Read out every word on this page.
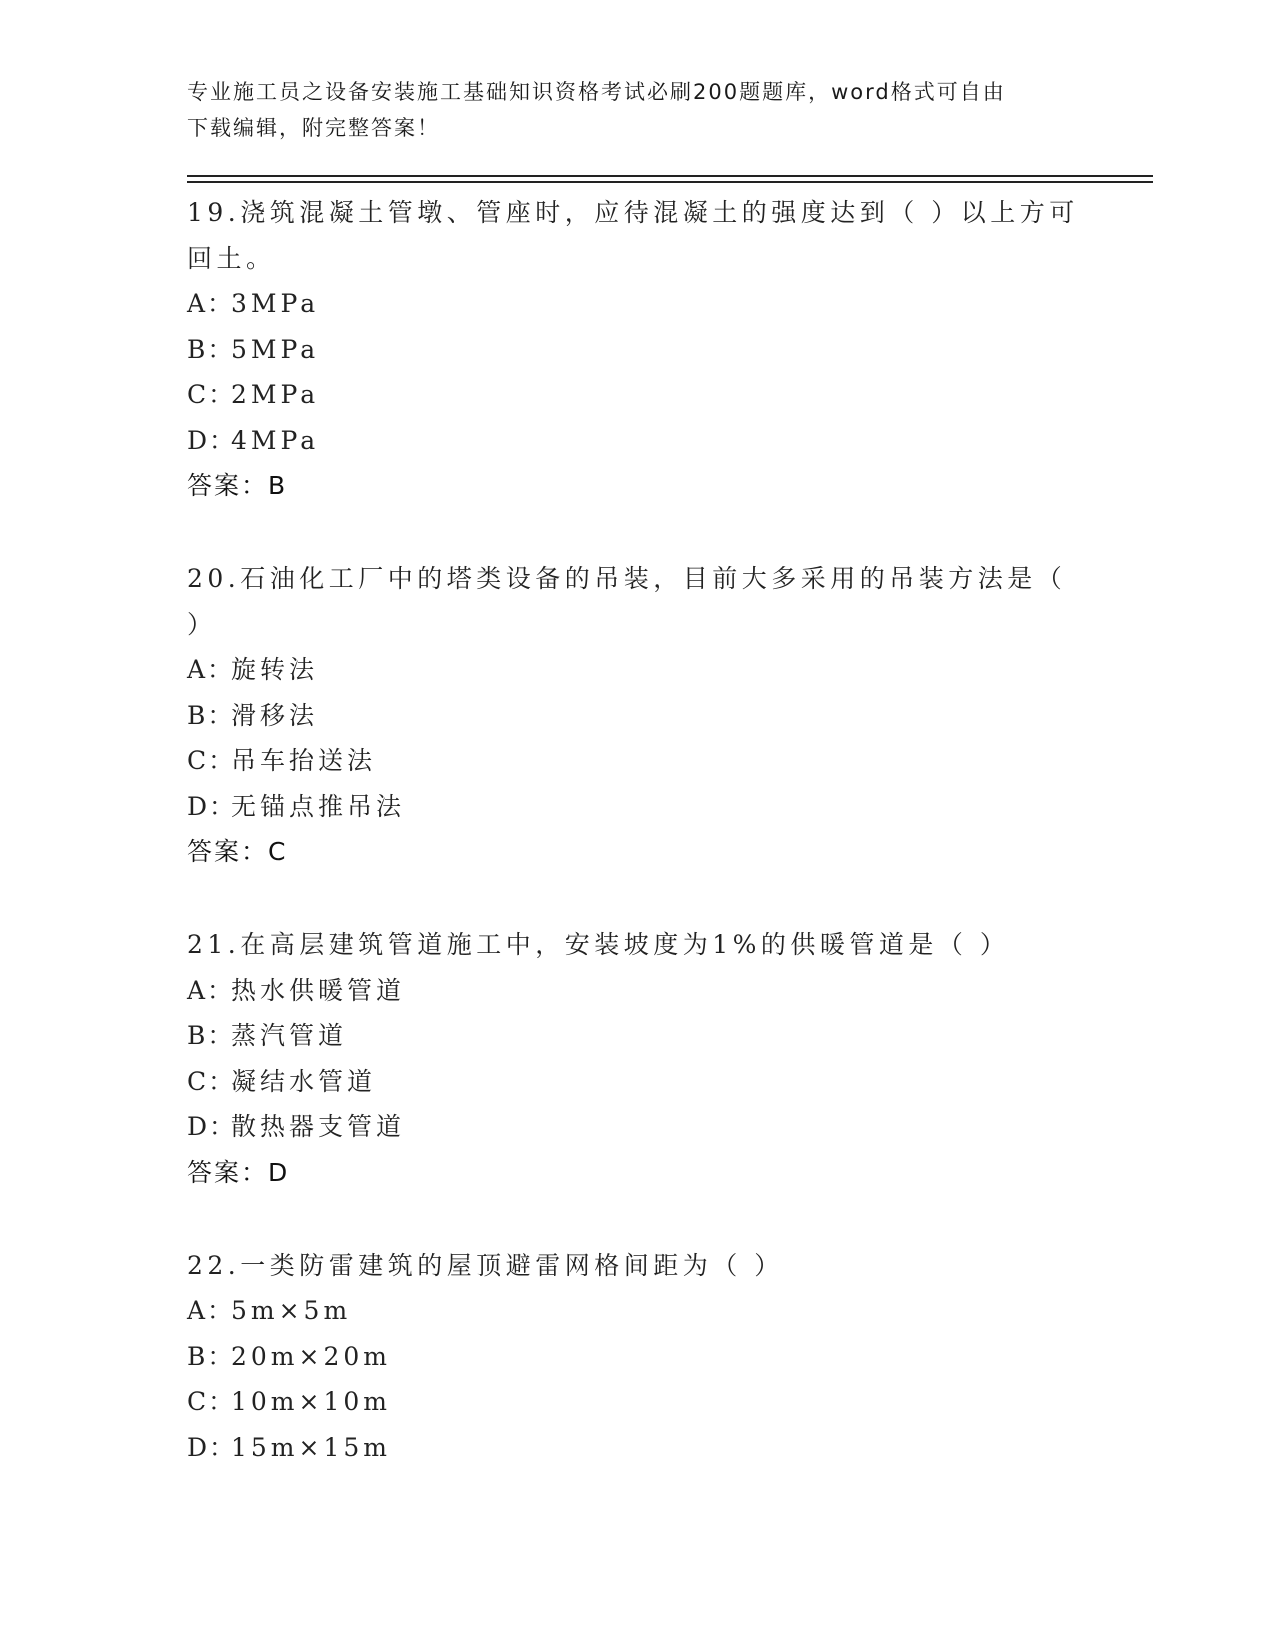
专业施工员之设备安装施工基础知识资格考试必刷200题题库，word格式可自由
下载编辑，附完整答案！

19.浇筑混凝土管墩、管座时，应待混凝土的强度达到（ ）以上方可

回土。

A：3MPa

B：5MPa

C：2MPa

D：4MPa

答案：B

20.石油化工厂中的塔类设备的吊装，目前大多采用的吊装方法是（

）

A：旋转法

B：滑移法

C：吊车抬送法

D：无锚点推吊法

答案：C

21.在高层建筑管道施工中，安装坡度为1%的供暖管道是（ ）

A：热水供暖管道

B：蒸汽管道

C：凝结水管道

D：散热器支管道

答案：D

22.一类防雷建筑的屋顶避雷网格间距为（ ）

A：5m×5m

B：20m×20m

C：10m×10m

D：15m×15m
